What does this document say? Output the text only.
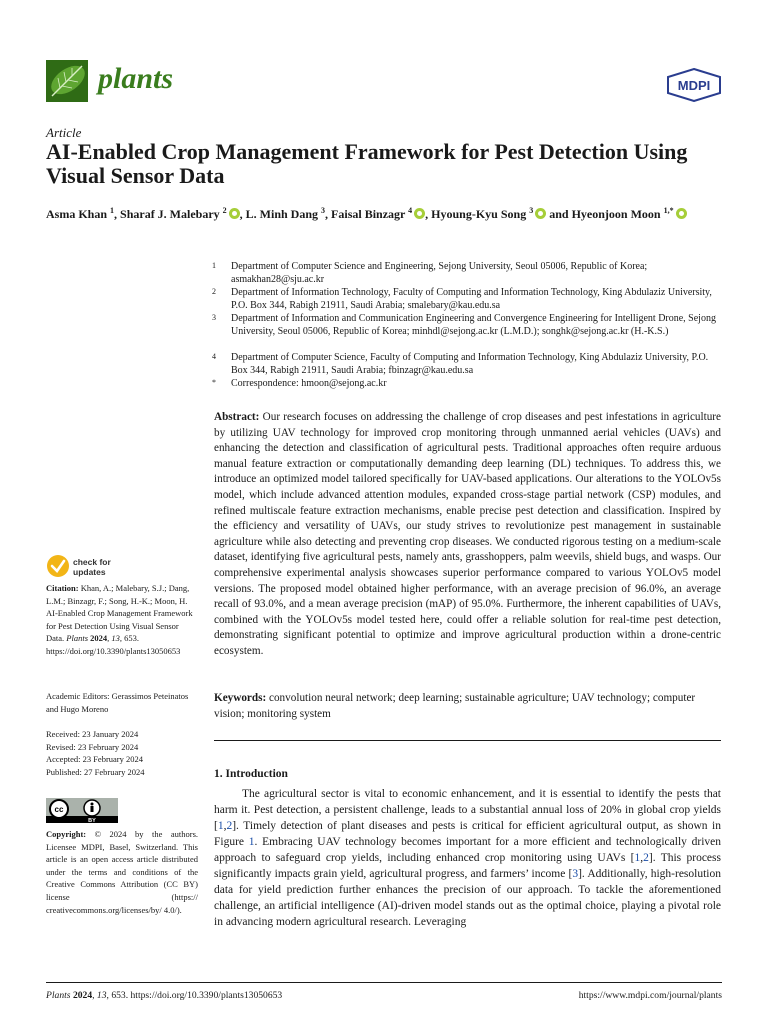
plants	MDPI
Article
AI-Enabled Crop Management Framework for Pest Detection Using Visual Sensor Data
Asma Khan $^1$, Sharaf J. Malebary $^2$ , L. Minh Dang $^3$, Faisal Binzagr $^4$ , Hyoung-Kyu Song $^3$ and Hyeonjoon Moon $^{1,*}$
1 Department of Computer Science and Engineering, Sejong University, Seoul 05006, Republic of Korea; asmakhan28@sju.ac.kr
2 Department of Information Technology, Faculty of Computing and Information Technology, King Abdulaziz University, P.O. Box 344, Rabigh 21911, Saudi Arabia; smalebary@kau.edu.sa
3 Department of Information and Communication Engineering and Convergence Engineering for Intelligent Drone, Sejong University, Seoul 05006, Republic of Korea; minhdl@sejong.ac.kr (L.M.D.); songhk@sejong.ac.kr (H.-K.S.)
4 Department of Computer Science, Faculty of Computing and Information Technology, King Abdulaziz University, P.O. Box 344, Rabigh 21911, Saudi Arabia; fbinzagr@kau.edu.sa
* Correspondence: hmoon@sejong.ac.kr
check for
updates
Citation: Khan, A.; Malebary, S.J.; Dang, L.M.; Binzagr, F.; Song, H.-K.; Moon, H. AI-Enabled Crop Management Framework for Pest Detection Using Visual Sensor Data. Plants 2024, 13, 653. https://doi.org/10.3390/plants13050653
Academic Editors: Gerassimos Peteinatos and Hugo Moreno
Received: 23 January 2024
Revised: 23 February 2024
Accepted: 23 February 2024
Published: 27 February 2024
cc
BY
Copyright: © 2024 by the authors. Licensee MDPI, Basel, Switzerland. This article is an open access article distributed under the terms and conditions of the Creative Commons Attribution (CC BY) license (https:// creativecommons.org/licenses/by/ 4.0/).
Abstract: Our research focuses on addressing the challenge of crop diseases and pest infestations in agriculture by utilizing UAV technology for improved crop monitoring through unmanned aerial vehicles (UAVs) and enhancing the detection and classification of agricultural pests. Traditional approaches often require arduous manual feature extraction or computationally demanding deep learning (DL) techniques. To address this, we introduce an optimized model tailored specifically for UAV-based applications. Our alterations to the YOLOv5s model, which include advanced attention modules, expanded cross-stage partial network (CSP) modules, and refined multiscale feature extraction mechanisms, enable precise pest detection and classification. Inspired by the efficiency and versatility of UAVs, our study strives to revolutionize pest management in sustainable agriculture while also detecting and preventing crop diseases. We conducted rigorous testing on a medium-scale dataset, identifying five agricultural pests, namely ants, grasshoppers, palm weevils, shield bugs, and wasps. Our comprehensive experimental analysis showcases superior performance compared to various YOLOv5 model versions. The proposed model obtained higher performance, with an average precision of 96.0%, an average recall of 93.0%, and a mean average precision (mAP) of 95.0%. Furthermore, the inherent capabilities of UAVs, combined with the YOLOv5s model tested here, could offer a reliable solution for real-time pest detection, demonstrating significant potential to optimize and improve agricultural production within a drone-centric ecosystem.
Keywords: convolution neural network; deep learning; sustainable agriculture; UAV technology; computer vision; monitoring system
1. Introduction
The agricultural sector is vital to economic enhancement, and it is essential to identify the pests that harm it. Pest detection, a persistent challenge, leads to a substantial annual loss of 20% in global crop yields [1,2]. Timely detection of plant diseases and pests is critical for efficient agricultural output, as shown in Figure 1. Embracing UAV technology becomes important for a more efficient and technologically driven approach to safeguard crop yields, including enhanced crop monitoring using UAVs [1,2]. This process significantly impacts grain yield, agricultural progress, and farmers’ income [3]. Additionally, high-resolution data for yield prediction further enhances the precision of our approach. To tackle the aforementioned challenge, an artificial intelligence (AI)-driven model stands out as the optimal choice, playing a pivotal role in advancing modern agricultural research. Leveraging
Plants 2024, 13, 653. https://doi.org/10.3390/plants13050653	https://www.mdpi.com/journal/plants
